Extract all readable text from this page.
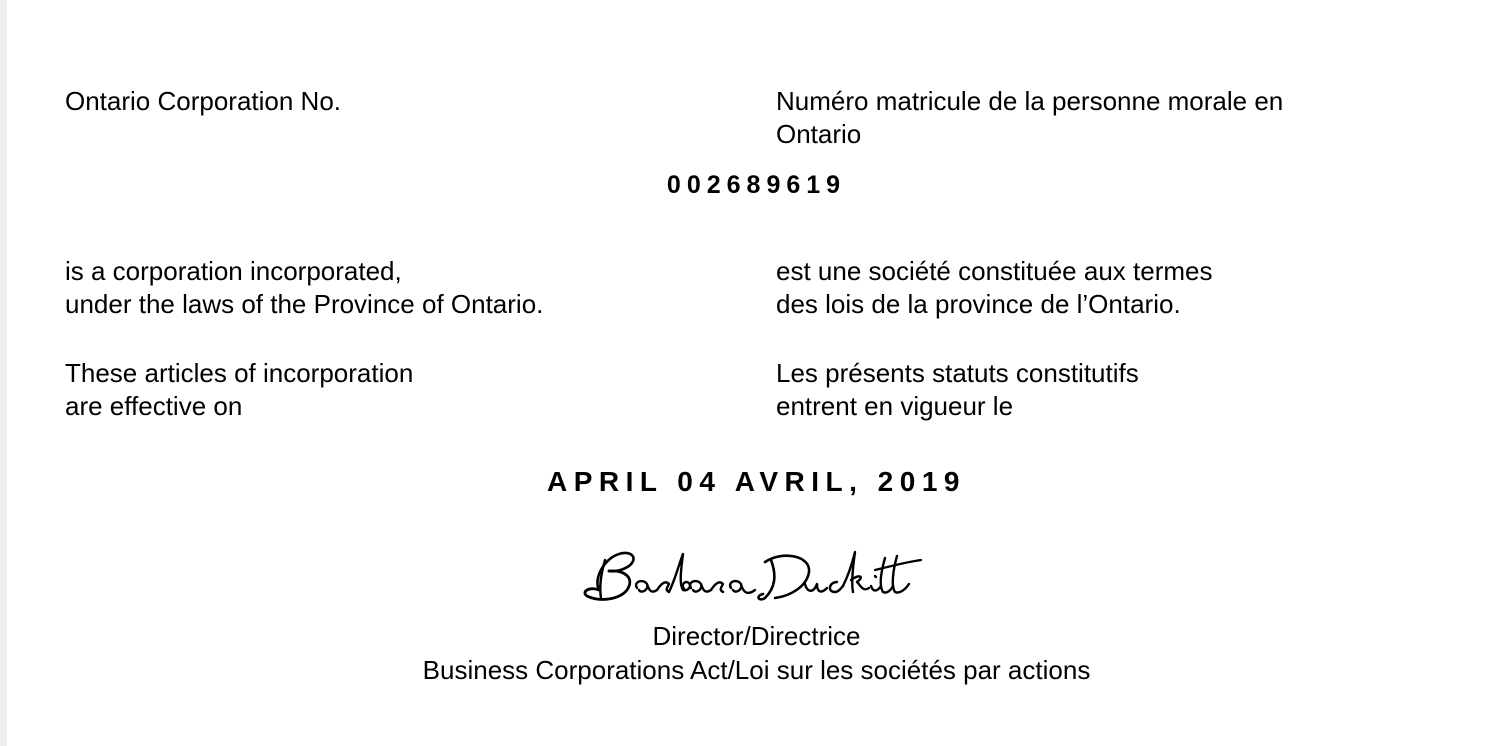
Ontario Corporation No.	Numéro matricule de la personne morale en
Ontario
002689619
is a corporation incorporated,
under the laws of the Province of Ontario.
est une société constituée aux termes
des lois de la province de l’Ontario.
These articles of incorporation
are effective on
Les présents statuts constitutifs
entrent en vigueur le
APRIL 04 AVRIL, 2019
Director/Directrice
Business Corporations Act/Loi sur les sociétés par actions
